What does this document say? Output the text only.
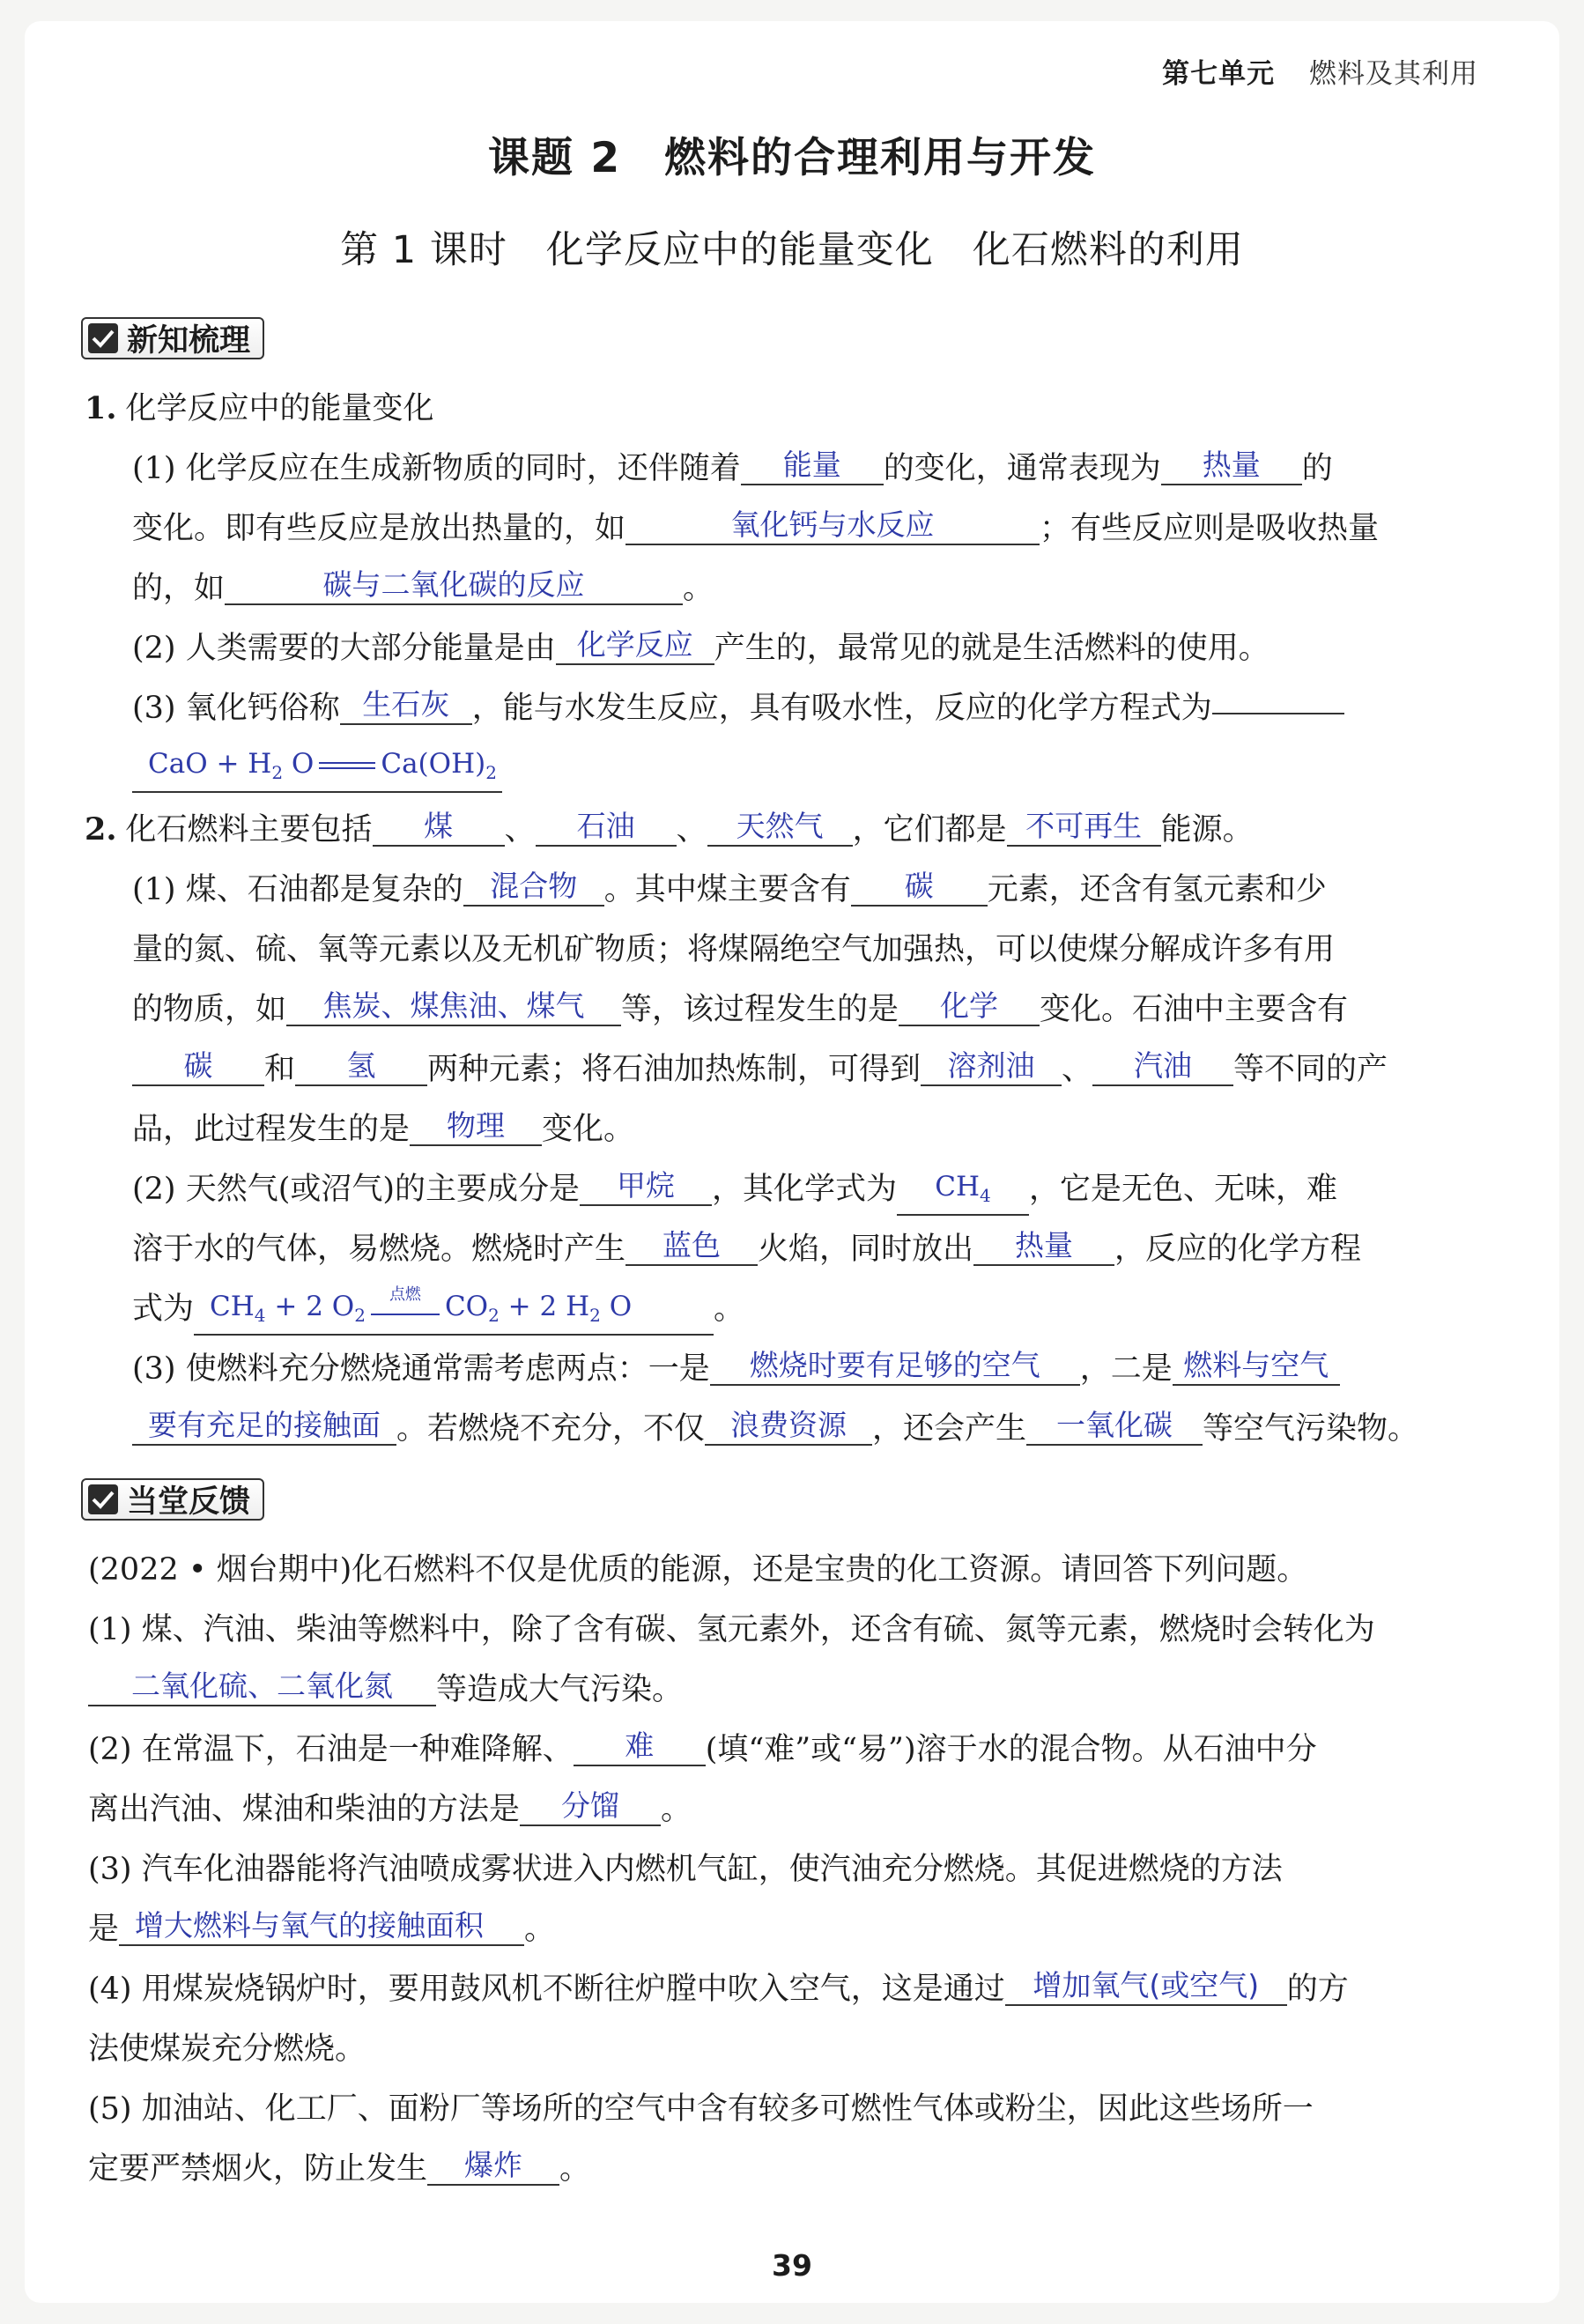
第七单元 燃料及其利用
课题 2　燃料的合理利用与开发
第 1 课时　化学反应中的能量变化　化石燃料的利用
新知梳理
1. 化学反应中的能量变化
(1) 化学反应在生成新物质的同时，还伴随着 能量 的变化，通常表现为 热量 的
变化。即有些反应是放出热量的，如	氧化钙与水反应	；有些反应则是吸收热量
的，如	碳与二氧化碳的反应	。
(2) 人类需要的大部分能量是由 化学反应 产生的，最常见的就是生活燃料的使用。
(3) 氧化钙俗称 生石灰 ，能与水发生反应，具有吸水性，反应的化学方程式为
CaO + $H_2$ O $Ca(OH)_2$
2. 化石燃料主要包括 煤 、 石油 、 天然气 ，它们都是 不可再生 能源。
(1) 煤、石油都是复杂的 混合物 。其中煤主要含有 碳 元素，还含有氢元素和少
量的氮、硫、氧等元素以及无机矿物质；将煤隔绝空气加强热，可以使煤分解成许多有用
的物质，如 焦炭、煤焦油、煤气 等，该过程发生的是 化学 变化。石油中主要含有
碳 和 氢 两种元素；将石油加热炼制，可得到 溶剂油 、 汽油 等不同的产
品，此过程发生的是 物理 变化。
(2) 天然气(或沼气)的主要成分是 甲烷 ，其化学式为 $CH_4$ ，它是无色、无味，难
溶于水的气体，易燃烧。燃烧时产生 蓝色 火焰，同时放出 热量 ，反应的化学方程
式为 $CH_4 + 2$ $O_2$
点燃 $CO_2 + 2$ $H_2$ O	。
(3) 使燃料充分燃烧通常需考虑两点：一是 燃烧时要有足够的空气 ，二是 燃料与空气
要有充足的接触面 。若燃烧不充分，不仅 浪费资源 ，还会产生 一氧化碳 等空气污染物。
当堂反馈
(2022 • 烟台期中)化石燃料不仅是优质的能源，还是宝贵的化工资源。请回答下列问题。
(1) 煤、汽油、柴油等燃料中，除了含有碳、氢元素外，还含有硫、氮等元素，燃烧时会转化为
二氧化硫、二氧化氮 等造成大气污染。
(2) 在常温下，石油是一种难降解、 难 (填“难”或“易”)溶于水的混合物。从石油中分
离出汽油、煤油和柴油的方法是 分馏 。
(3) 汽车化油器能将汽油喷成雾状进入内燃机气缸，使汽油充分燃烧。其促进燃烧的方法
是 增大燃料与氧气的接触面积 。
(4) 用煤炭烧锅炉时，要用鼓风机不断往炉膛中吹入空气，这是通过 增加氧气(或空气) 的方
法使煤炭充分燃烧。
(5) 加油站、化工厂、面粉厂等场所的空气中含有较多可燃性气体或粉尘，因此这些场所一
定要严禁烟火，防止发生 爆炸 。
39
